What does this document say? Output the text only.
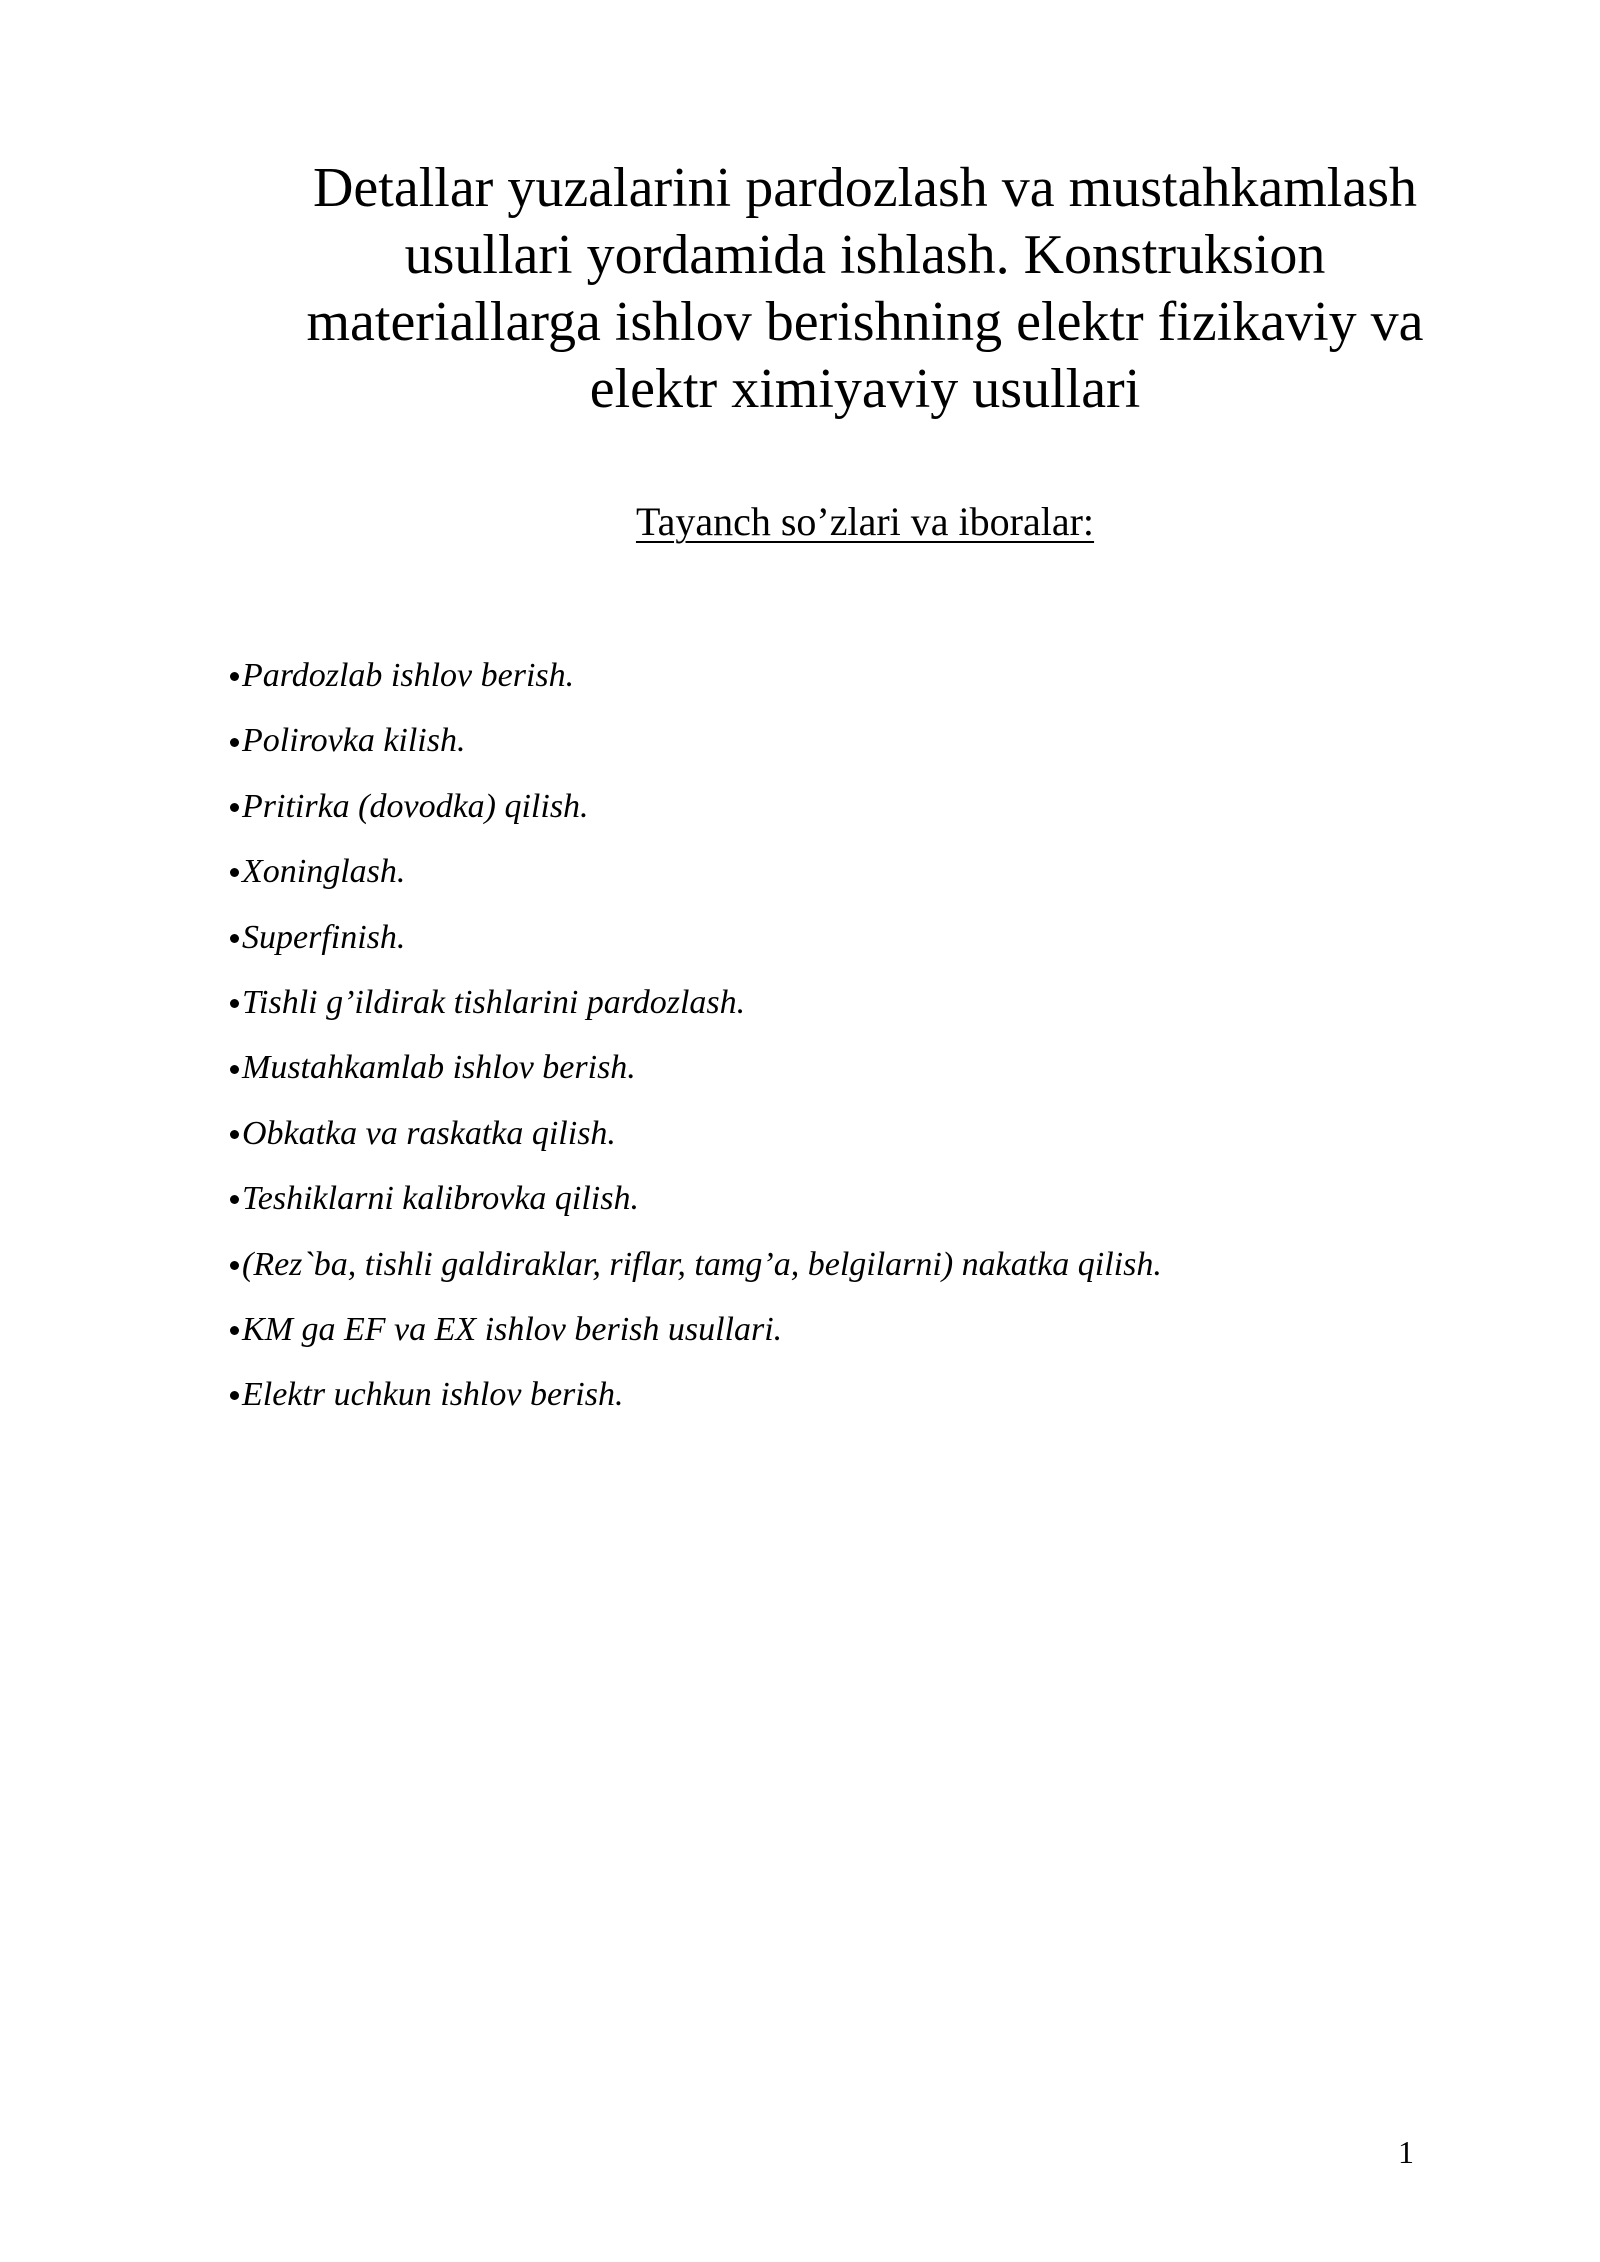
Detallar yuzalarini pardozlash va mustahkamlash
usullari yordamida ishlash. Konstruksion
materiallarga ishlov berishning elektr fizikaviy va
elektr ximiyaviy usullari
Tayanch so’zlari va iboralar:
Pardozlab ishlov berish.
Polirovka kilish.
Pritirka (dovodka) qilish.
Xoninglash.
Superfinish.
Tishli g’ildirak tishlarini pardozlash.
Mustahkamlab ishlov berish.
Obkatka va raskatka qilish.
Teshiklarni kalibrovka qilish.
(Rez`ba, tishli galdiraklar, riflar, tamg’a, belgilarni) nakatka qilish.
KM ga EF va EX ishlov berish usullari.
Elektr uchkun ishlov berish.
1
